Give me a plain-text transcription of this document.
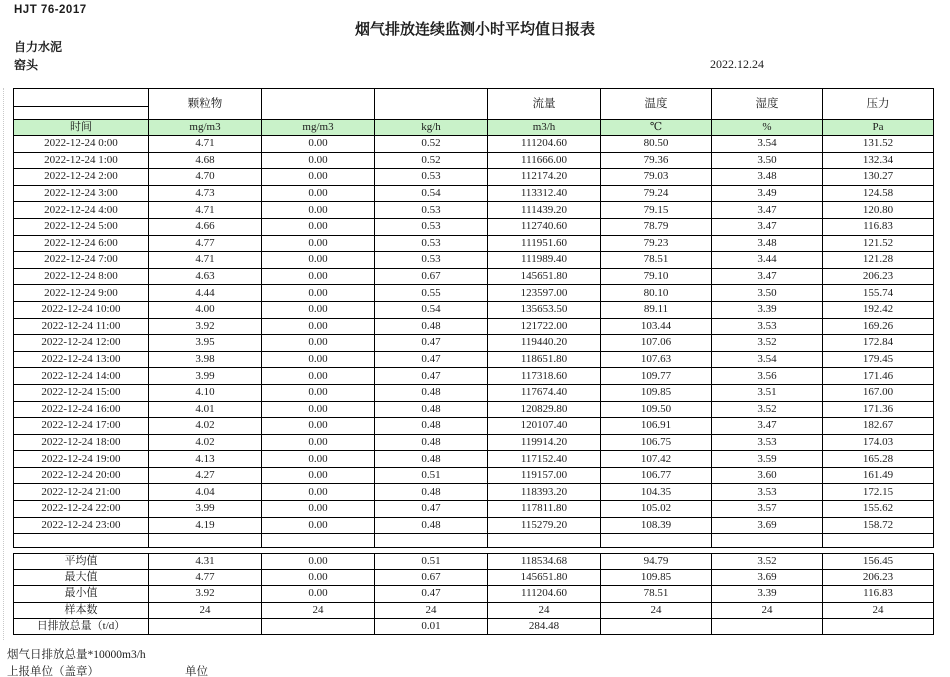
HJT 76-2017
烟气排放连续监测小时平均值日报表
自力水泥
窑头	2022.12.24
	颗粒物			流量	温度	湿度	压力

时间	mg/m3	mg/m3	kg/h	m3/h	℃	%	Pa
2022-12-24 0:00	4.71	0.00	0.52	111204.60	80.50	3.54	131.52
2022-12-24 1:00	4.68	0.00	0.52	111666.00	79.36	3.50	132.34
2022-12-24 2:00	4.70	0.00	0.53	112174.20	79.03	3.48	130.27
2022-12-24 3:00	4.73	0.00	0.54	113312.40	79.24	3.49	124.58
2022-12-24 4:00	4.71	0.00	0.53	111439.20	79.15	3.47	120.80
2022-12-24 5:00	4.66	0.00	0.53	112740.60	78.79	3.47	116.83
2022-12-24 6:00	4.77	0.00	0.53	111951.60	79.23	3.48	121.52
2022-12-24 7:00	4.71	0.00	0.53	111989.40	78.51	3.44	121.28
2022-12-24 8:00	4.63	0.00	0.67	145651.80	79.10	3.47	206.23
2022-12-24 9:00	4.44	0.00	0.55	123597.00	80.10	3.50	155.74
2022-12-24 10:00	4.00	0.00	0.54	135653.50	89.11	3.39	192.42
2022-12-24 11:00	3.92	0.00	0.48	121722.00	103.44	3.53	169.26
2022-12-24 12:00	3.95	0.00	0.47	119440.20	107.06	3.52	172.84
2022-12-24 13:00	3.98	0.00	0.47	118651.80	107.63	3.54	179.45
2022-12-24 14:00	3.99	0.00	0.47	117318.60	109.77	3.56	171.46
2022-12-24 15:00	4.10	0.00	0.48	117674.40	109.85	3.51	167.00
2022-12-24 16:00	4.01	0.00	0.48	120829.80	109.50	3.52	171.36
2022-12-24 17:00	4.02	0.00	0.48	120107.40	106.91	3.47	182.67
2022-12-24 18:00	4.02	0.00	0.48	119914.20	106.75	3.53	174.03
2022-12-24 19:00	4.13	0.00	0.48	117152.40	107.42	3.59	165.28
2022-12-24 20:00	4.27	0.00	0.51	119157.00	106.77	3.60	161.49
2022-12-24 21:00	4.04	0.00	0.48	118393.20	104.35	3.53	172.15
2022-12-24 22:00	3.99	0.00	0.47	117811.80	105.02	3.57	155.62
2022-12-24 23:00	4.19	0.00	0.48	115279.20	108.39	3.69	158.72

平均值	4.31	0.00	0.51	118534.68	94.79	3.52	156.45
最大值	4.77	0.00	0.67	145651.80	109.85	3.69	206.23
最小值	3.92	0.00	0.47	111204.60	78.51	3.39	116.83
样本数	24	24	24	24	24	24	24
日排放总量（t/d）			0.01	284.48			
烟气日排放总量*10000m3/h
上报单位（盖章）	单位
